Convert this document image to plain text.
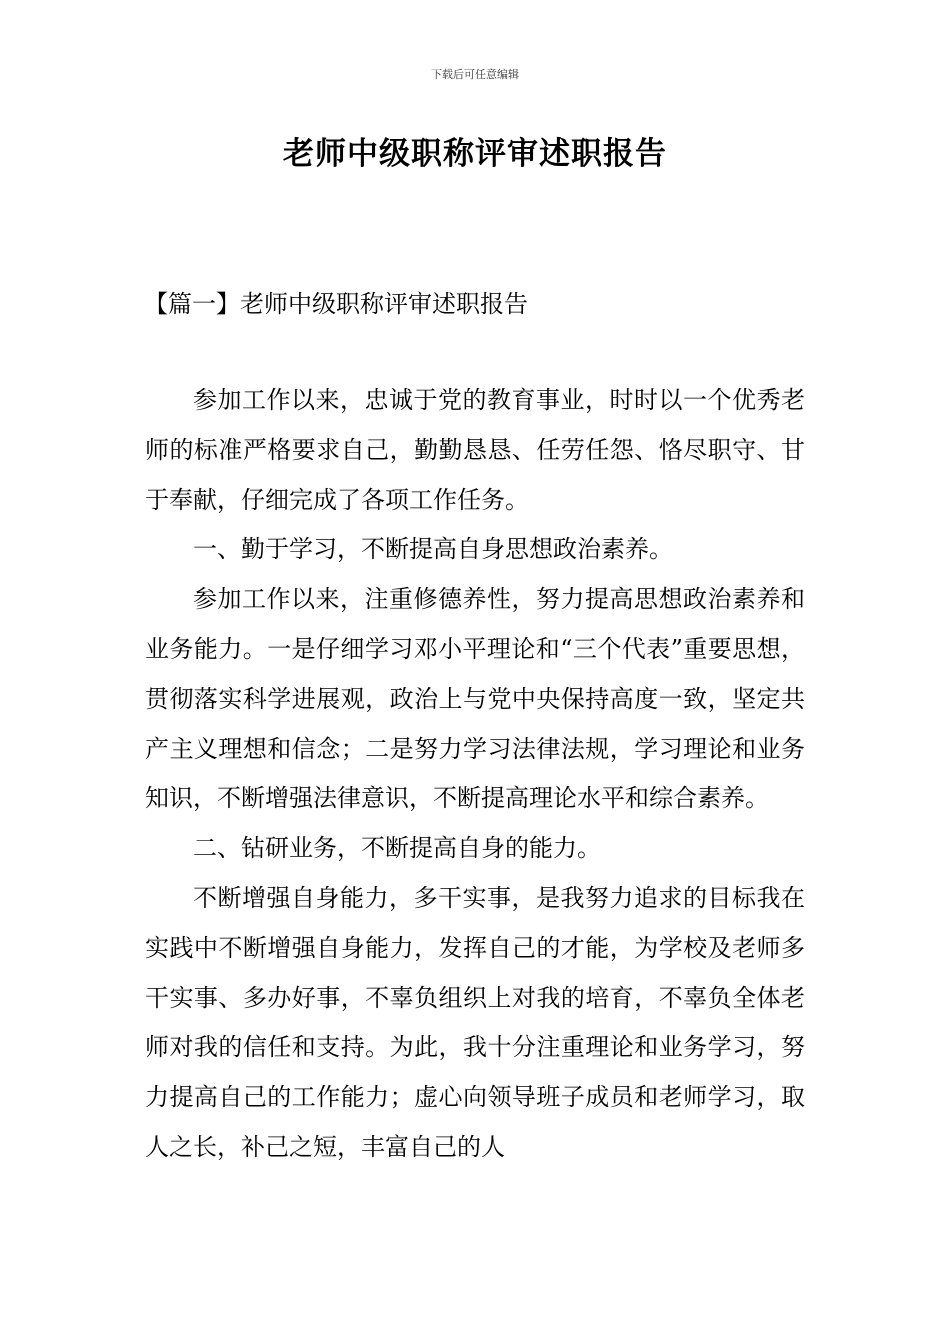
下载后可任意编辑
老师中级职称评审述职报告
【篇一】老师中级职称评审述职报告

参加工作以来，忠诚于党的教育事业，时时以一个优秀老师的标准严格要求自己，勤勤恳恳、任劳任怨、恪尽职守、甘于奉献，仔细完成了各项工作任务。

一、勤于学习，不断提高自身思想政治素养。

参加工作以来，注重修德养性，努力提高思想政治素养和业务能力。一是仔细学习邓小平理论和“三个代表”重要思想，贯彻落实科学进展观，政治上与党中央保持高度一致，坚定共产主义理想和信念；二是努力学习法律法规，学习理论和业务知识，不断增强法律意识，不断提高理论水平和综合素养。

二、钻研业务，不断提高自身的能力。

不断增强自身能力，多干实事，是我努力追求的目标我在实践中不断增强自身能力，发挥自己的才能，为学校及老师多干实事、多办好事，不辜负组织上对我的培育，不辜负全体老师对我的信任和支持。为此，我十分注重理论和业务学习，努力提高自己的工作能力；虚心向领导班子成员和老师学习，取人之长，补己之短，丰富自己的人
